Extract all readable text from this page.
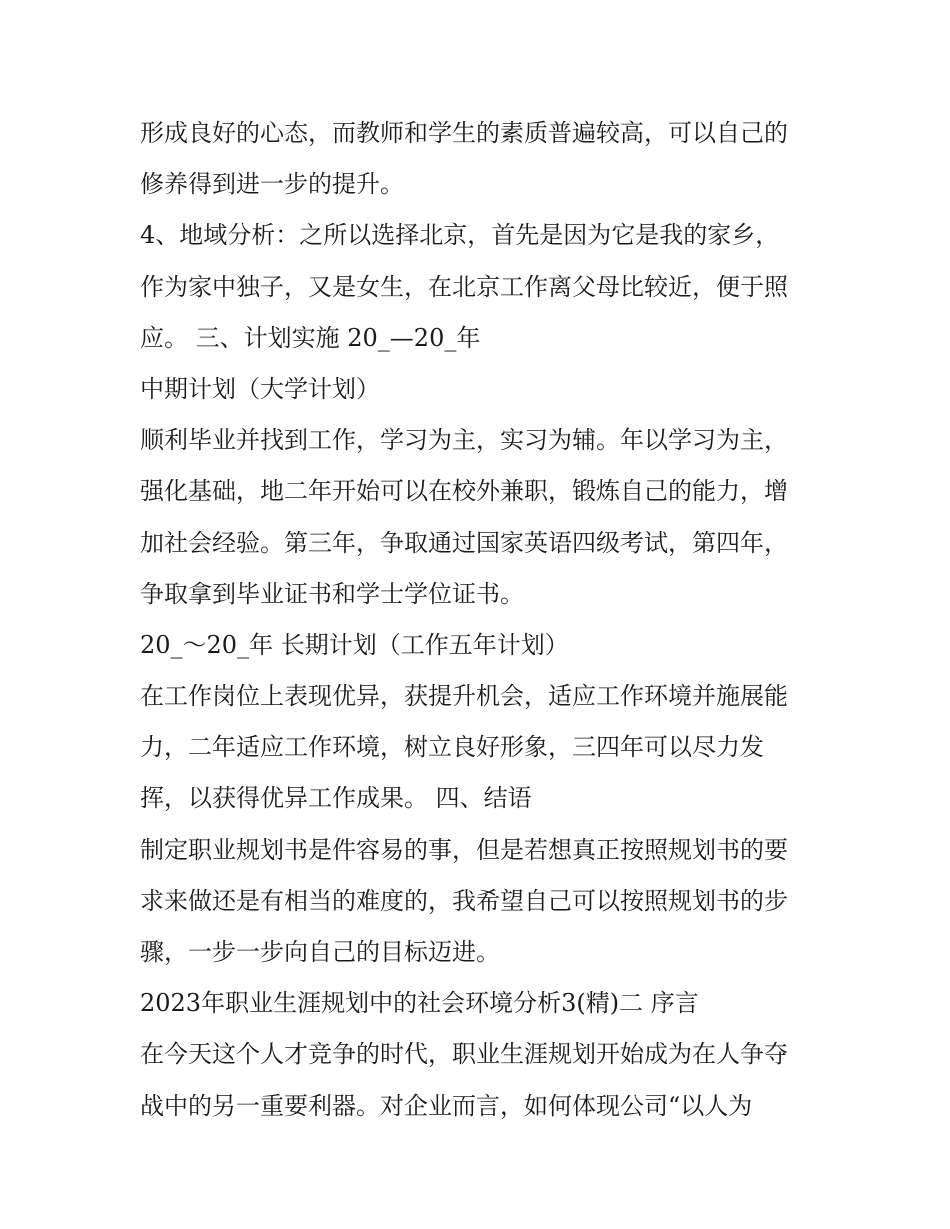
形成良好的心态，而教师和学生的素质普遍较高，可以自己的

修养得到进一步的提升。

4、地域分析：之所以选择北京，首先是因为它是我的家乡，

作为家中独子，又是女生，在北京工作离父母比较近，便于照

应。 三、计划实施 20_—20_年

中期计划（大学计划）

顺利毕业并找到工作，学习为主，实习为辅。年以学习为主，

强化基础，地二年开始可以在校外兼职，锻炼自己的能力，增

加社会经验。第三年，争取通过国家英语四级考试，第四年，

争取拿到毕业证书和学士学位证书。

20_～20_年 长期计划（工作五年计划）

在工作岗位上表现优异，获提升机会，适应工作环境并施展能

力，二年适应工作环境，树立良好形象，三四年可以尽力发

挥，以获得优异工作成果。 四、结语

制定职业规划书是件容易的事，但是若想真正按照规划书的要

求来做还是有相当的难度的，我希望自己可以按照规划书的步

骤，一步一步向自己的目标迈进。

2023年职业生涯规划中的社会环境分析3(精)二 序言

在今天这个人才竞争的时代，职业生涯规划开始成为在人争夺

战中的另一重要利器。对企业而言，如何体现公司“以人为
